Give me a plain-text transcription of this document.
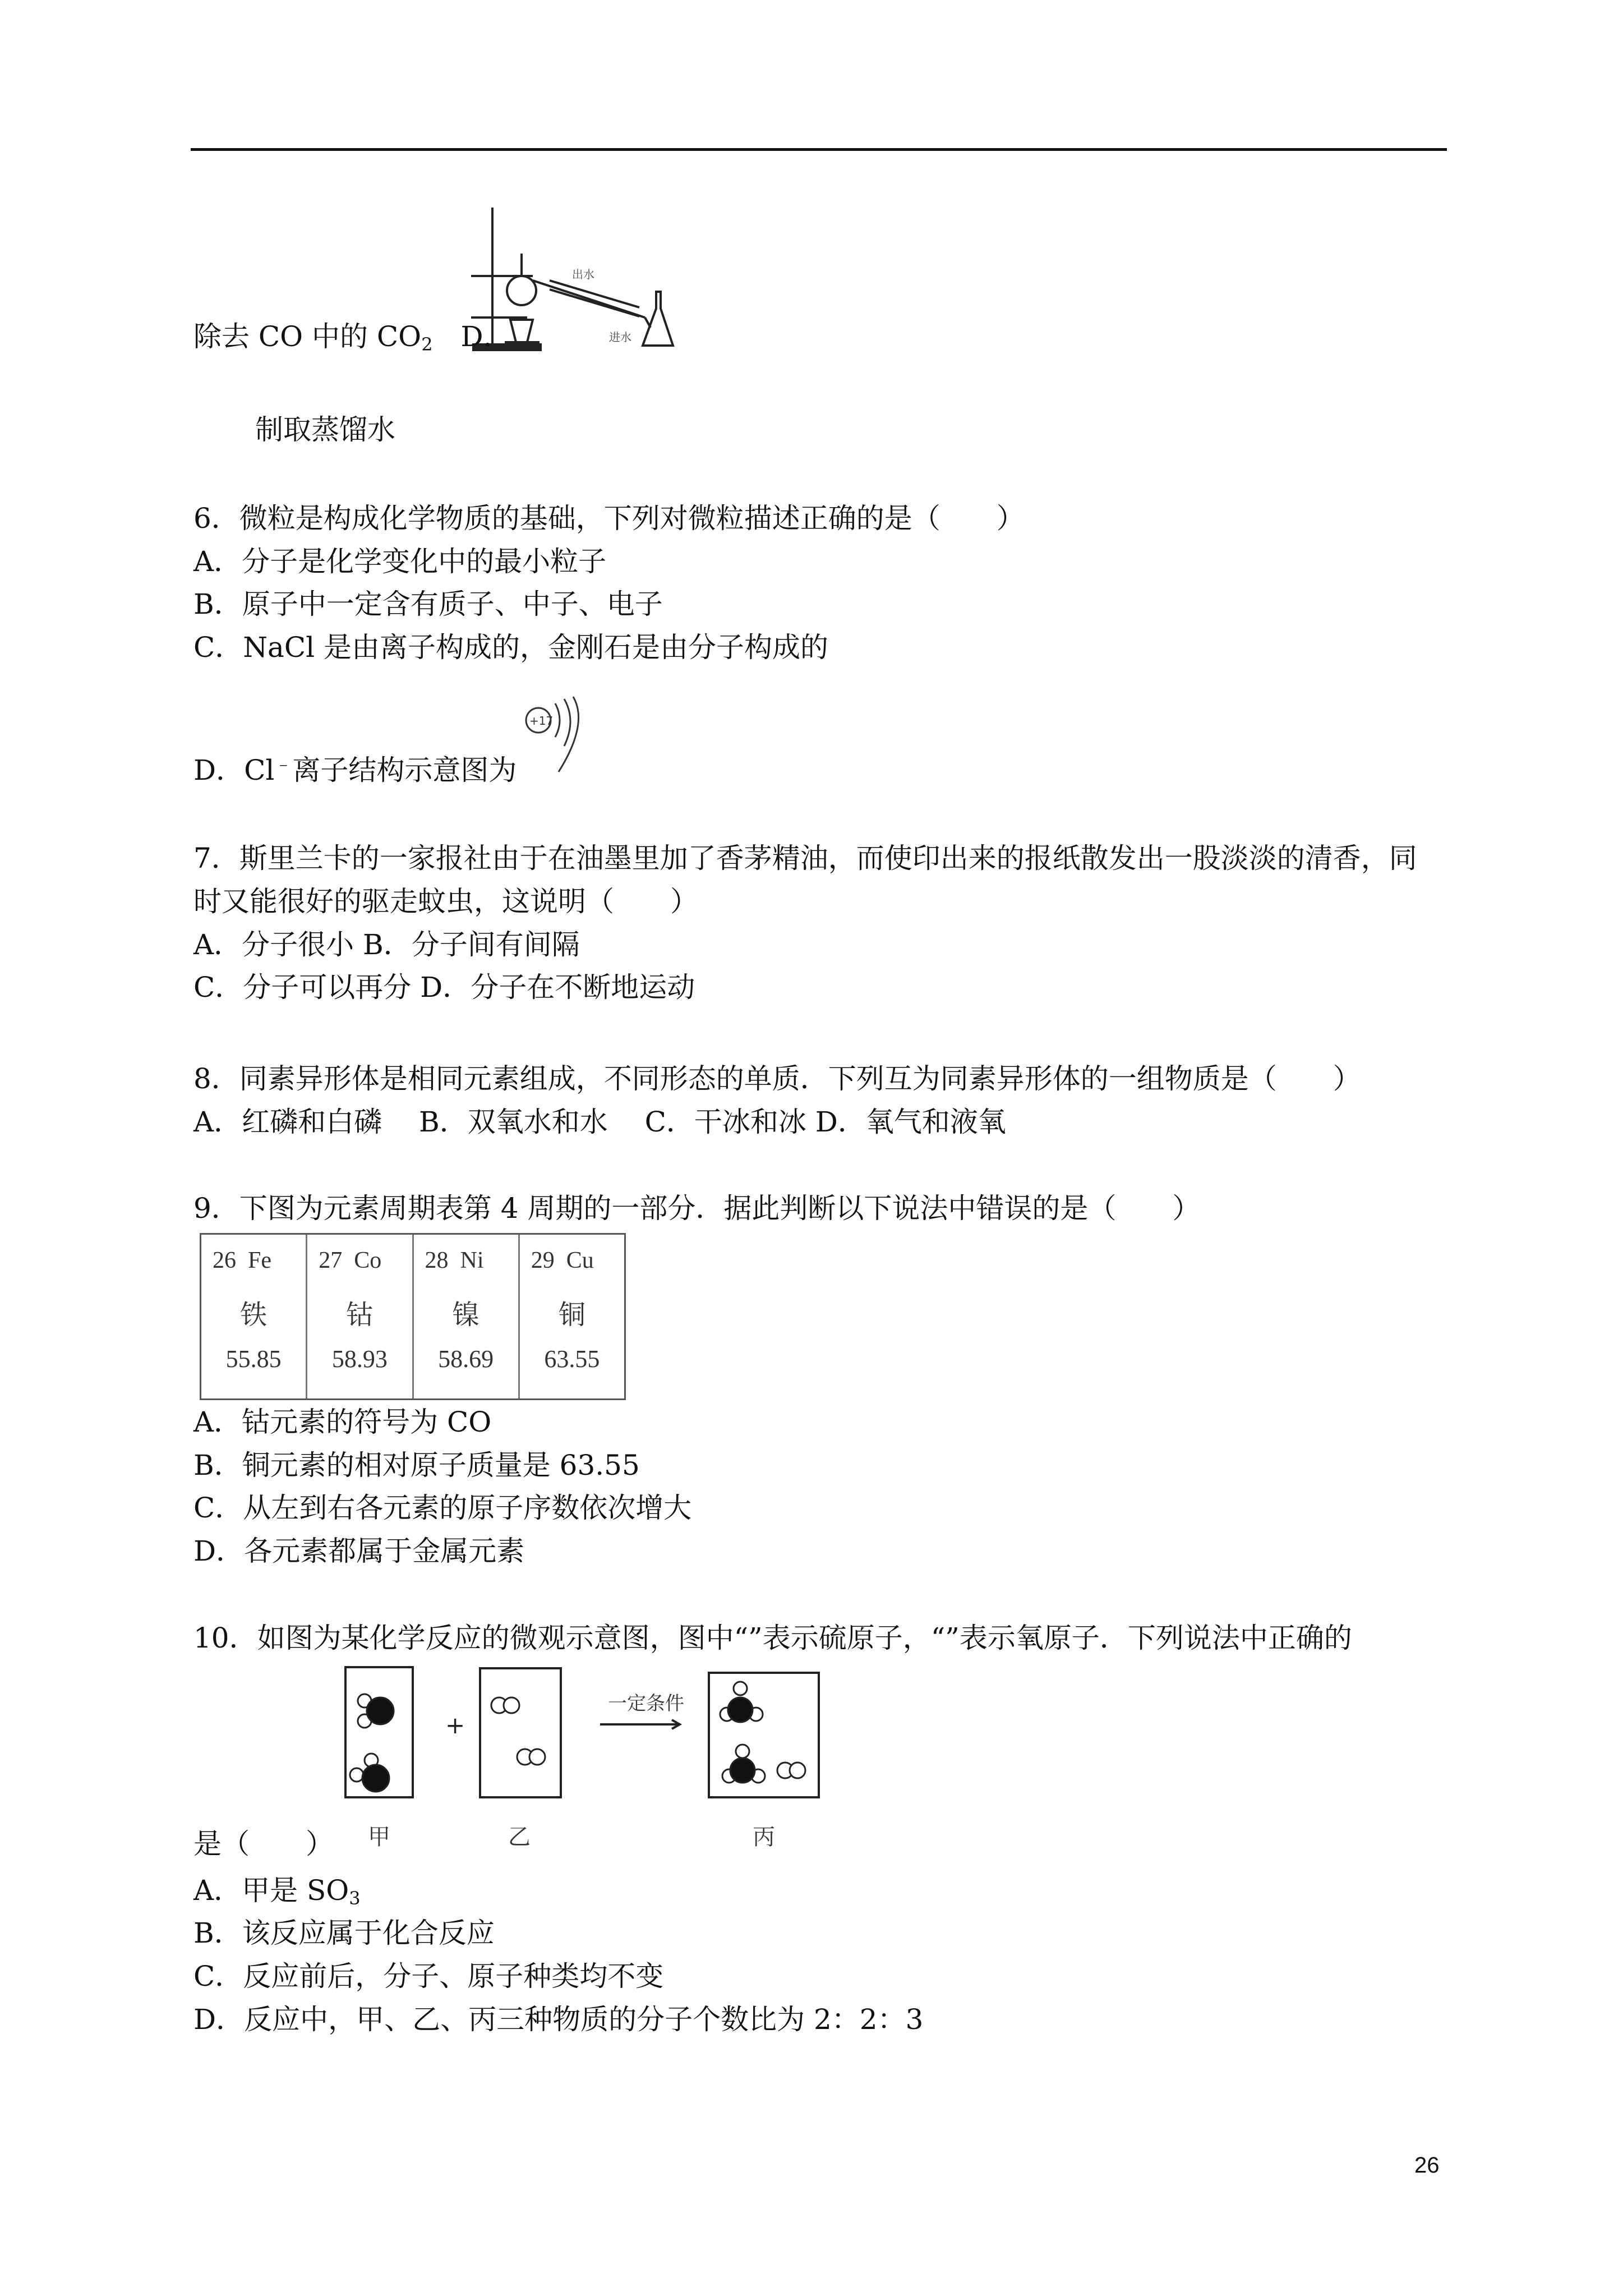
出水
进水
除去 CO 中的 $CO_2$　 D．
制取蒸馏水
6．微粒是构成化学物质的基础，下列对微粒描述正确的是（　　）
A．分子是化学变化中的最小粒子
B．原子中一定含有质子、中子、电子
C．NaCl 是由离子构成的，金刚石是由分子构成的
+17
D．Cl﹣离子结构示意图为
7．斯里兰卡的一家报社由于在油墨里加了香茅精油，而使印出来的报纸散发出一股淡淡的清香，同
时又能很好的驱走蚊虫，这说明（　　）
A．分子很小 B．分子间有间隔
C．分子可以再分 D．分子在不断地运动
8．同素异形体是相同元素组成，不同形态的单质．下列互为同素异形体的一组物质是（　　）
A．红磷和白磷　 B．双氧水和水　 C．干冰和冰 D．氧气和液氧
9．下图为元素周期表第 4 周期的一部分．据此判断以下说法中错误的是（　　）
26 Fe
铁
55.85
27 Co
钴
58.93
28 Ni
镍
58.69
29 Cu
铜
63.55
A．钴元素的符号为 CO
B．铜元素的相对原子质量是 63.55
C．从左到右各元素的原子序数依次增大
D．各元素都属于金属元素
10．如图为某化学反应的微观示意图，图中“”表示硫原子，“”表示氧原子．下列说法中正确的
+
一定条件
甲	乙	丙
是（　　）
A．甲是 $SO_3$
B．该反应属于化合反应
C．反应前后，分子、原子种类均不变
D．反应中，甲、乙、丙三种物质的分子个数比为 2：2：3
26
